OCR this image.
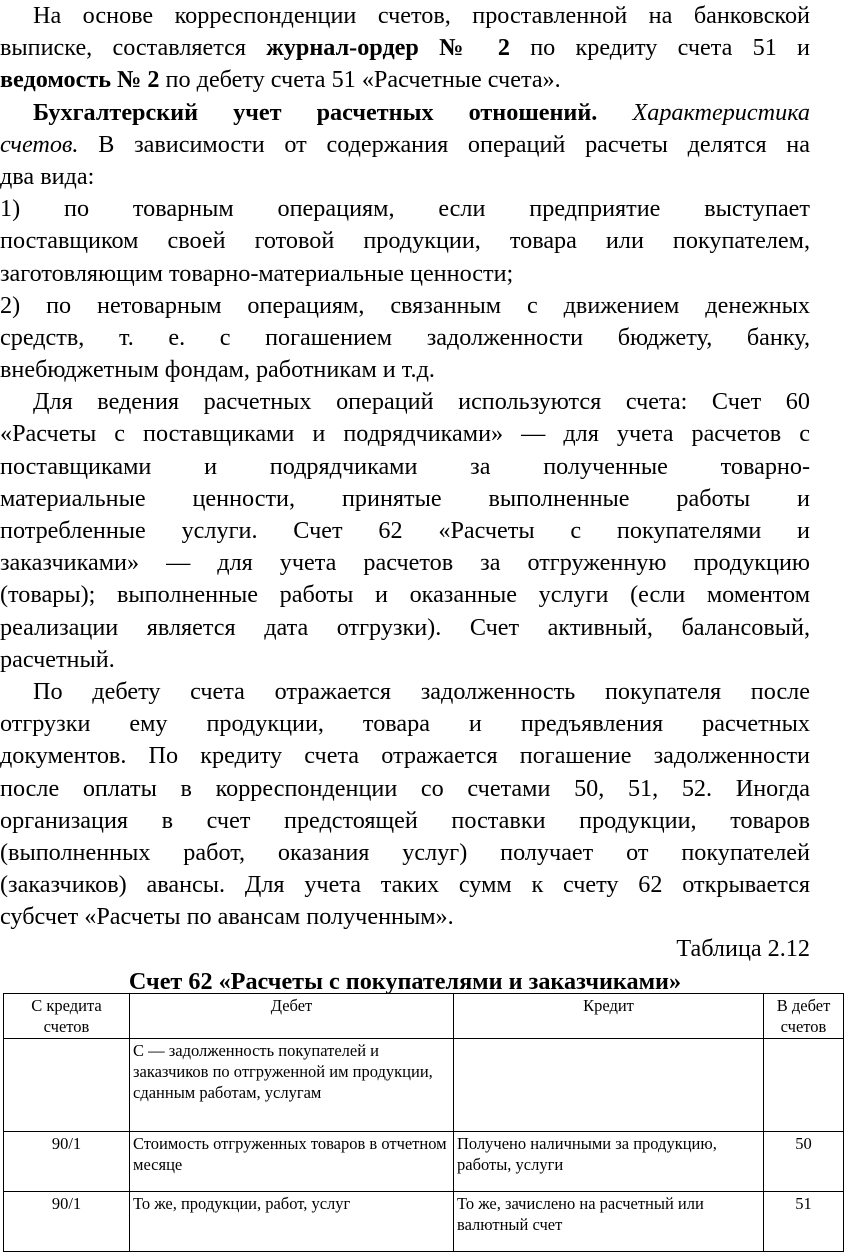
На основе корреспонденции счетов, проставленной на банковской
выписке, составляется журнал-ордер № 2 по кредиту счета 51 и
ведомость № 2 по дебету счета 51 «Расчетные счета».
Бухгалтерский учет расчетных отношений. Характеристика
счетов. В зависимости от содержания операций расчеты делятся на
два вида:
1) по товарным операциям, если предприятие выступает
поставщиком своей готовой продукции, товара или покупателем,
заготовляющим товарно-материальные ценности;
2) по нетоварным операциям, связанным с движением денежных
средств, т. е. с погашением задолженности бюджету, банку,
внебюджетным фондам, работникам и т.д.
Для ведения расчетных операций используются счета: Счет 60
«Расчеты с поставщиками и подрядчиками» — для учета расчетов с
поставщиками и подрядчиками за полученные товарно-
материальные ценности, принятые выполненные работы и
потребленные услуги. Счет 62 «Расчеты с покупателями и
заказчиками» — для учета расчетов за отгруженную продукцию
(товары); выполненные работы и оказанные услуги (если моментом
реализации является дата отгрузки). Счет активный, балансовый,
расчетный.
По дебету счета отражается задолженность покупателя после
отгрузки ему продукции, товара и предъявления расчетных
документов. По кредиту счета отражается погашение задолженности
после оплаты в корреспонденции со счетами 50, 51, 52. Иногда
организация в счет предстоящей поставки продукции, товаров
(выполненных работ, оказания услуг) получает от покупателей
(заказчиков) авансы. Для учета таких сумм к счету 62 открывается
субсчет «Расчеты по авансам полученным».
Таблица 2.12
Счет 62 «Расчеты с покупателями и заказчиками»
С кредита счетов	Дебет	Кредит	В дебет счетов
	С — задолженность покупателей и заказчиков по отгруженной им продукции, сданным работам, услугам		
90/1	Стоимость отгруженных товаров в отчетном месяце	Получено наличными за продукцию, работы, услуги	50
90/1	То же, продукции, работ, услуг	То же, зачислено на расчетный или валютный счет	51
